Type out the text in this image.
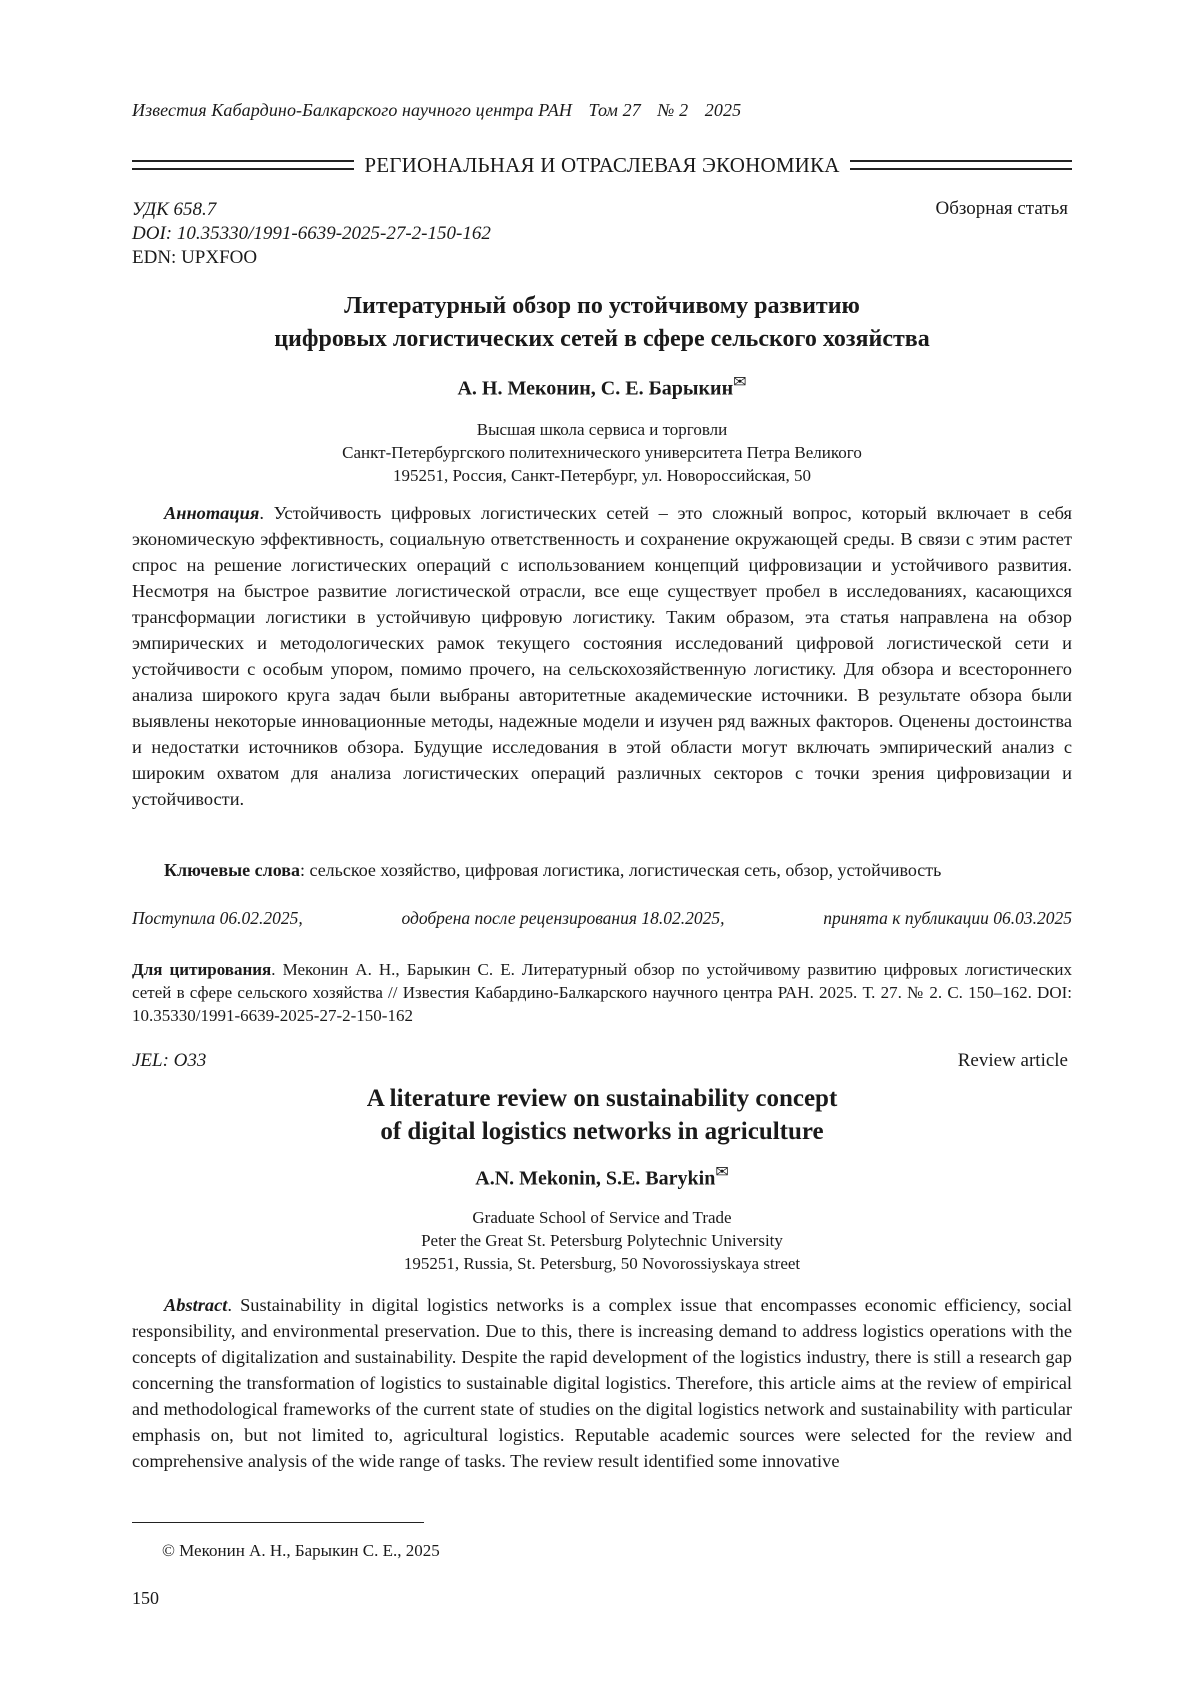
Известия Кабардино-Балкарского научного центра РАН Том 27 № 2 2025
РЕГИОНАЛЬНАЯ И ОТРАСЛЕВАЯ ЭКОНОМИКА
УДК 658.7
DOI: 10.35330/1991-6639-2025-27-2-150-162
EDN: UPXFOO
Обзорная статья
Литературный обзор по устойчивому развитию
цифровых логистических сетей в сфере сельского хозяйства
А. Н. Меконин, С. Е. Барыкин✉
Высшая школа сервиса и торговли
Санкт-Петербургского политехнического университета Петра Великого
195251, Россия, Санкт-Петербург, ул. Новороссийская, 50
Аннотация. Устойчивость цифровых логистических сетей – это сложный вопрос, который включает в себя экономическую эффективность, социальную ответственность и сохранение окружающей среды. В связи с этим растет спрос на решение логистических операций с использованием концепций цифровизации и устойчивого развития. Несмотря на быстрое развитие логистической отрасли, все еще существует пробел в исследованиях, касающихся трансформации логистики в устойчивую цифровую логистику. Таким образом, эта статья направлена на обзор эмпирических и методологических рамок текущего состояния исследований цифровой логистической сети и устойчивости с особым упором, помимо прочего, на сельскохозяйственную логистику. Для обзора и всестороннего анализа широкого круга задач были выбраны авторитетные академические источники. В результате обзора были выявлены некоторые инновационные методы, надежные модели и изучен ряд важных факторов. Оценены достоинства и недостатки источников обзора. Будущие исследования в этой области могут включать эмпирический анализ с широким охватом для анализа логистических операций различных секторов с точки зрения цифровизации и устойчивости.
Ключевые слова: сельское хозяйство, цифровая логистика, логистическая сеть, обзор, устойчивость
Поступила 06.02.2025,	одобрена после рецензирования 18.02.2025,	принята к публикации 06.03.2025
Для цитирования. Меконин А. Н., Барыкин С. Е. Литературный обзор по устойчивому развитию цифровых логистических сетей в сфере сельского хозяйства // Известия Кабардино-Балкарского научного центра РАН. 2025. Т. 27. № 2. С. 150–162. DOI: 10.35330/1991-6639-2025-27-2-150-162
JEL: O33	Review article
A literature review on sustainability concept
of digital logistics networks in agriculture
A.N. Mekonin, S.E. Barykin✉
Graduate School of Service and Trade
Peter the Great St. Petersburg Polytechnic University
195251, Russia, St. Petersburg, 50 Novorossiyskaya street
Abstract. Sustainability in digital logistics networks is a complex issue that encompasses economic efficiency, social responsibility, and environmental preservation. Due to this, there is increasing demand to address logistics operations with the concepts of digitalization and sustainability. Despite the rapid development of the logistics industry, there is still a research gap concerning the transformation of logistics to sustainable digital logistics. Therefore, this article aims at the review of empirical and methodological frameworks of the current state of studies on the digital logistics network and sustainability with particular emphasis on, but not limited to, agricultural logistics. Reputable academic sources were selected for the review and comprehensive analysis of the wide range of tasks. The review result identified some innovative
© Меконин А. Н., Барыкин С. Е., 2025
150
